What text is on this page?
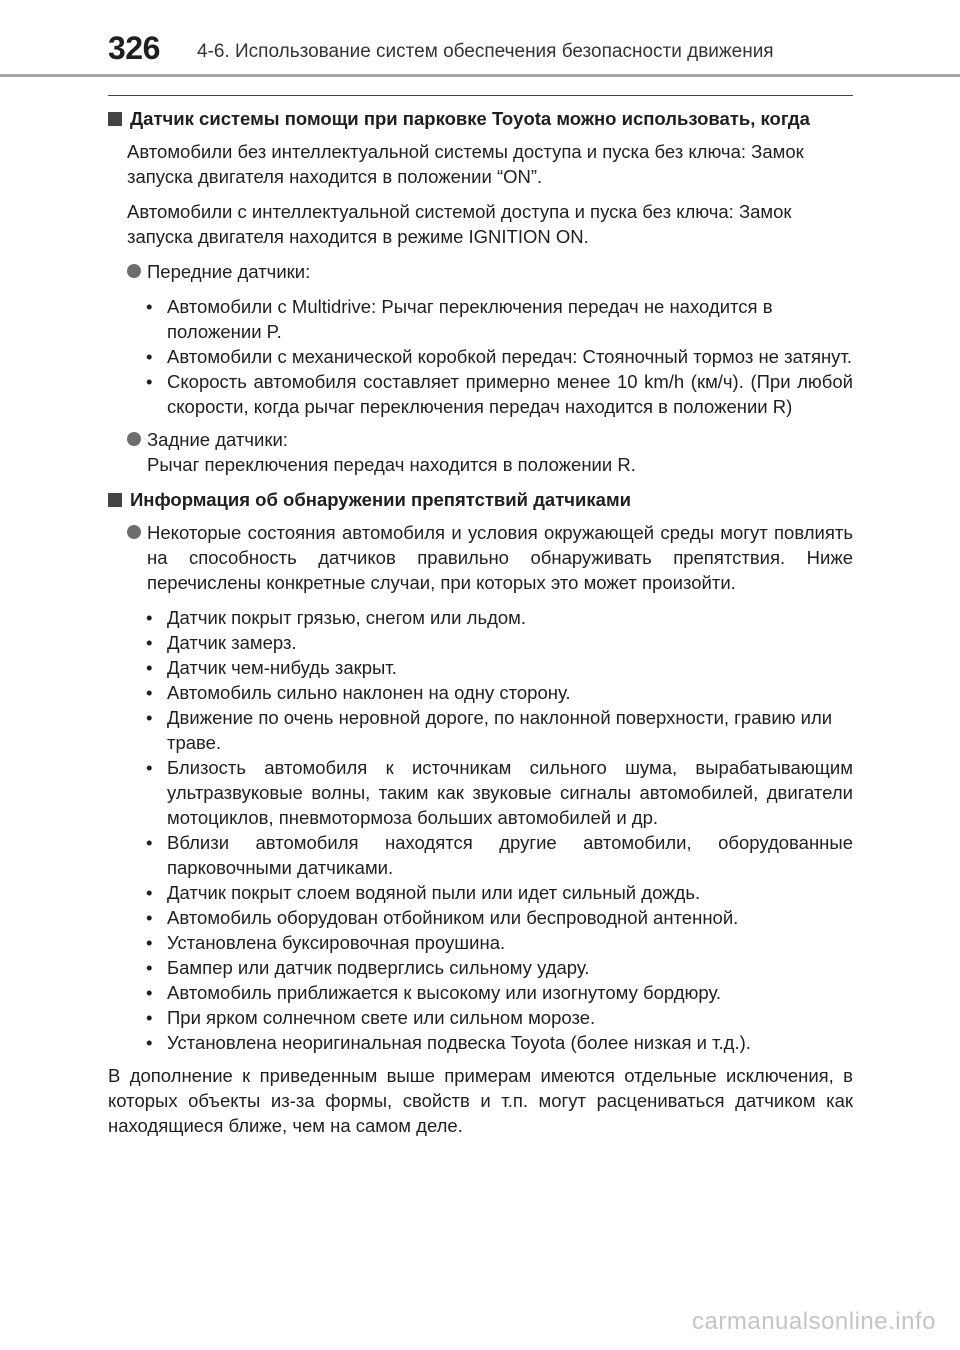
326 4-6. Использование систем обеспечения безопасности движения
Датчик системы помощи при парковке Toyota можно использовать, когда
Автомобили без интеллектуальной системы доступа и пуска без ключа: Замок запуска двигателя находится в положении “ON”.
Автомобили с интеллектуальной системой доступа и пуска без ключа: Замок запуска двигателя находится в режиме IGNITION ON.
Передние датчики:
• Автомобили с Multidrive: Рычаг переключения передач не находится в положении P.
• Автомобили с механической коробкой передач: Стояночный тормоз не затянут.
• Скорость автомобиля составляет примерно менее 10 km/h (км/ч). (При любой скорости, когда рычаг переключения передач находится в положении R)
Задние датчики:
Рычаг переключения передач находится в положении R.
Информация об обнаружении препятствий датчиками
Некоторые состояния автомобиля и условия окружающей среды могут повлиять на способность датчиков правильно обнаруживать препятствия. Ниже перечислены конкретные случаи, при которых это может произойти.
• Датчик покрыт грязью, снегом или льдом.
• Датчик замерз.
• Датчик чем-нибудь закрыт.
• Автомобиль сильно наклонен на одну сторону.
• Движение по очень неровной дороге, по наклонной поверхности, гравию или траве.
• Близость автомобиля к источникам сильного шума, вырабатывающим ультразвуковые волны, таким как звуковые сигналы автомобилей, двигатели мотоциклов, пневмотормоза больших автомобилей и др.
• Вблизи автомобиля находятся другие автомобили, оборудованные парковочными датчиками.
• Датчик покрыт слоем водяной пыли или идет сильный дождь.
• Автомобиль оборудован отбойником или беспроводной антенной.
• Установлена буксировочная проушина.
• Бампер или датчик подверглись сильному удару.
• Автомобиль приближается к высокому или изогнутому бордюру.
• При ярком солнечном свете или сильном морозе.
• Установлена неоригинальная подвеска Toyota (более низкая и т.д.).

В дополнение к приведенным выше примерам имеются отдельные исключения, в которых объекты из-за формы, свойств и т.п. могут расцениваться датчиком как находящиеся ближе, чем на самом деле.

carmanualsonline.info
